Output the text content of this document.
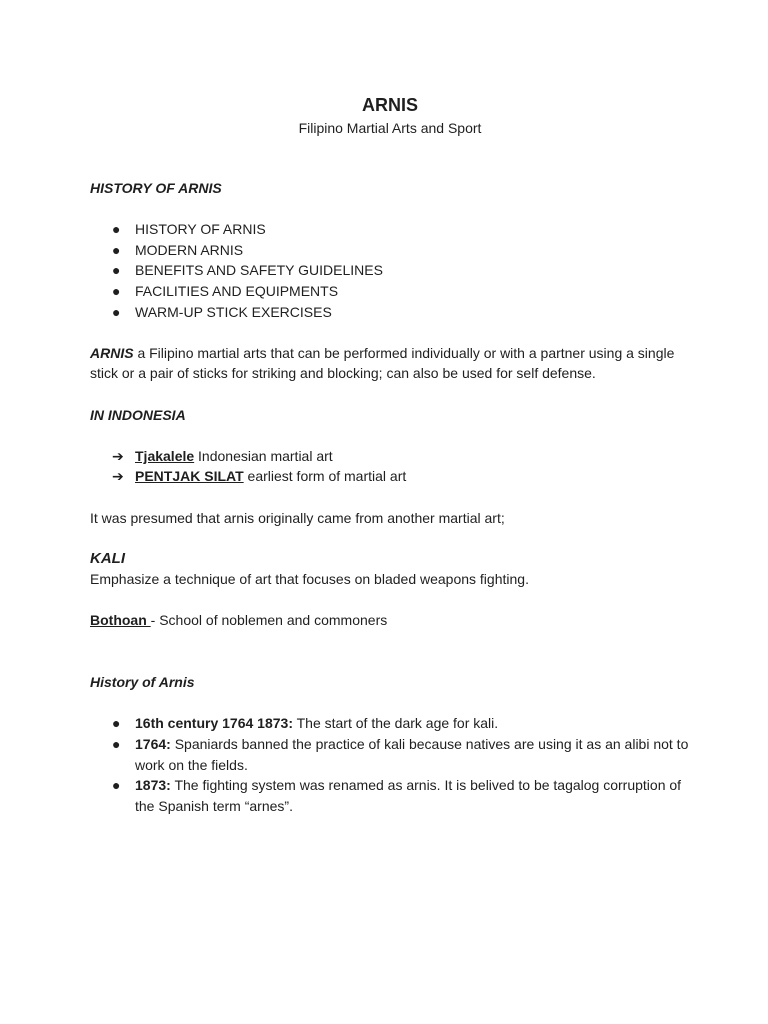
ARNIS

Filipino Martial Arts and Sport

HISTORY OF ARNIS

●	HISTORY OF ARNIS
●	MODERN ARNIS
●	BENEFITS AND SAFETY GUIDELINES
●	FACILITIES AND EQUIPMENTS
●	WARM-UP STICK EXERCISES

ARNIS a Filipino martial arts that can be performed individually or with a partner using a single stick or a pair of sticks for striking and blocking; can also be used for self defense.

IN INDONESIA

➔ Tjakalele Indonesian martial art
➔ PENTJAK SILAT earliest form of martial art

It was presumed that arnis originally came from another martial art;

KALI

Emphasize a technique of art that focuses on bladed weapons fighting.

Bothoan - School of noblemen and commoners

History of Arnis

●	16th century 1764 1873: The start of the dark age for kali.
●	1764: Spaniards banned the practice of kali because natives are using it as an alibi not to work on the fields.
●	1873: The fighting system was renamed as arnis. It is belived to be tagalog corruption of the Spanish term “arnes”.
